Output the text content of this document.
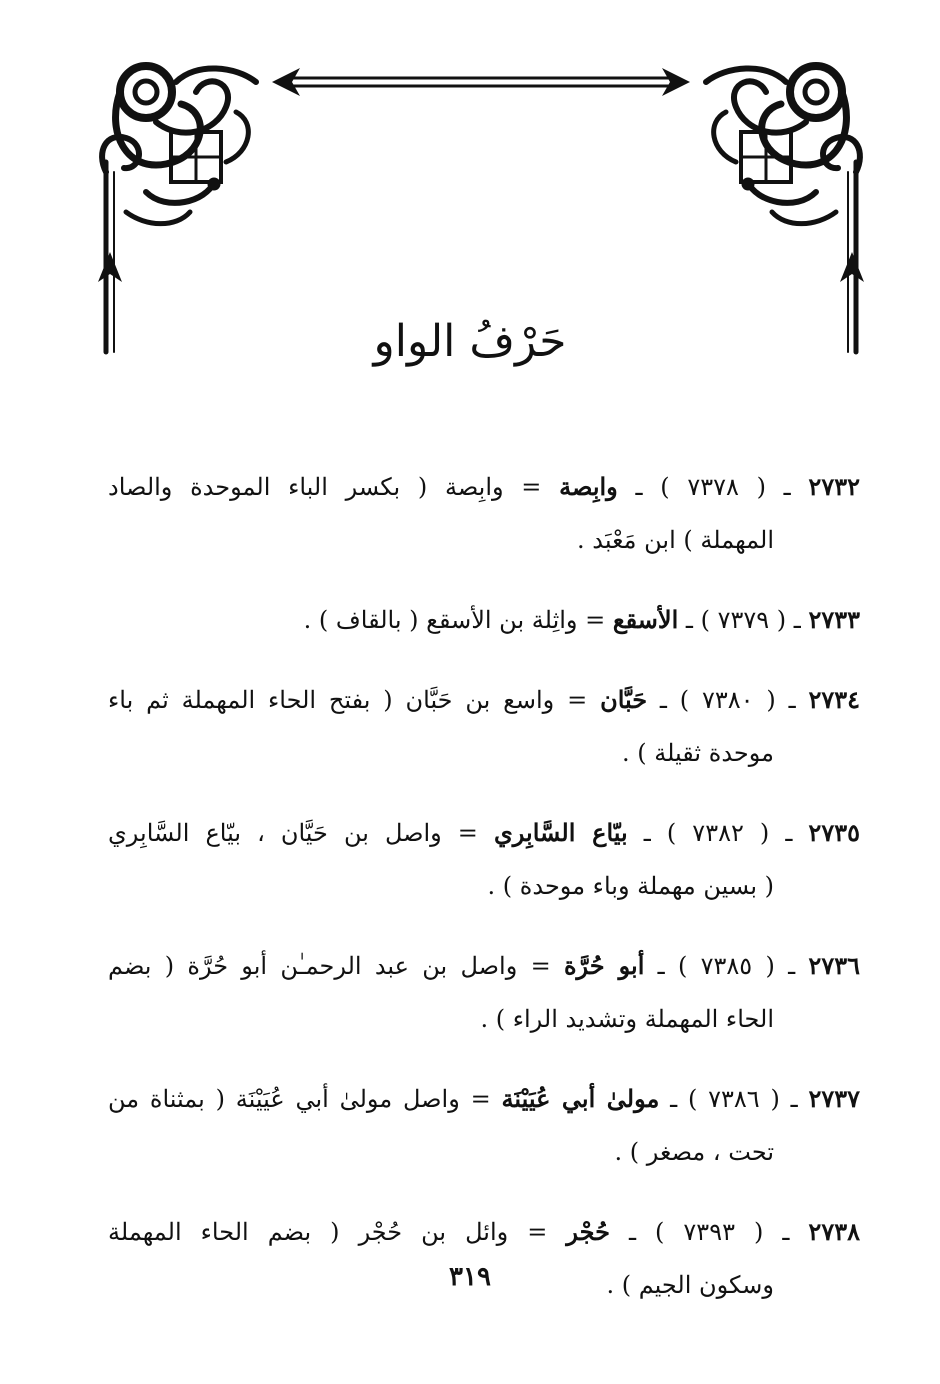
حَرْفُ الواو
٢٧٣٢ ـ ( ٧٣٧٨ ) ـ وابِصة = وابِصة ( بكسر الباء الموحدة والصاد
المهملة ) ابن مَعْبَد .
٢٧٣٣ ـ ( ٧٣٧٩ ) ـ الأسقع = واثِلة بن الأسقع ( بالقاف ) .
٢٧٣٤ ـ ( ٧٣٨٠ ) ـ حَبَّان = واسع بن حَبَّان ( بفتح الحاء المهملة ثم باء
موحدة ثقيلة ) .
٢٧٣٥ ـ ( ٧٣٨٢ ) ـ بيّاع السَّابِري = واصل بن حَيَّان ، بيّاع السَّابِري
( بسين مهملة وباء موحدة ) .
٢٧٣٦ ـ ( ٧٣٨٥ ) ـ أبو حُرَّة = واصل بن عبد الرحمـٰن أبو حُرَّة ( بضم
الحاء المهملة وتشديد الراء ) .
٢٧٣٧ ـ ( ٧٣٨٦ ) ـ مولىٰ أبي عُيَيْنَة = واصل مولىٰ أبي عُيَيْنَة ( بمثناة من
تحت ، مصغر ) .
٢٧٣٨ ـ ( ٧٣٩٣ ) ـ حُجْر = وائل بن حُجْر ( بضم الحاء المهملة
وسكون الجيم ) .
٣١٩
